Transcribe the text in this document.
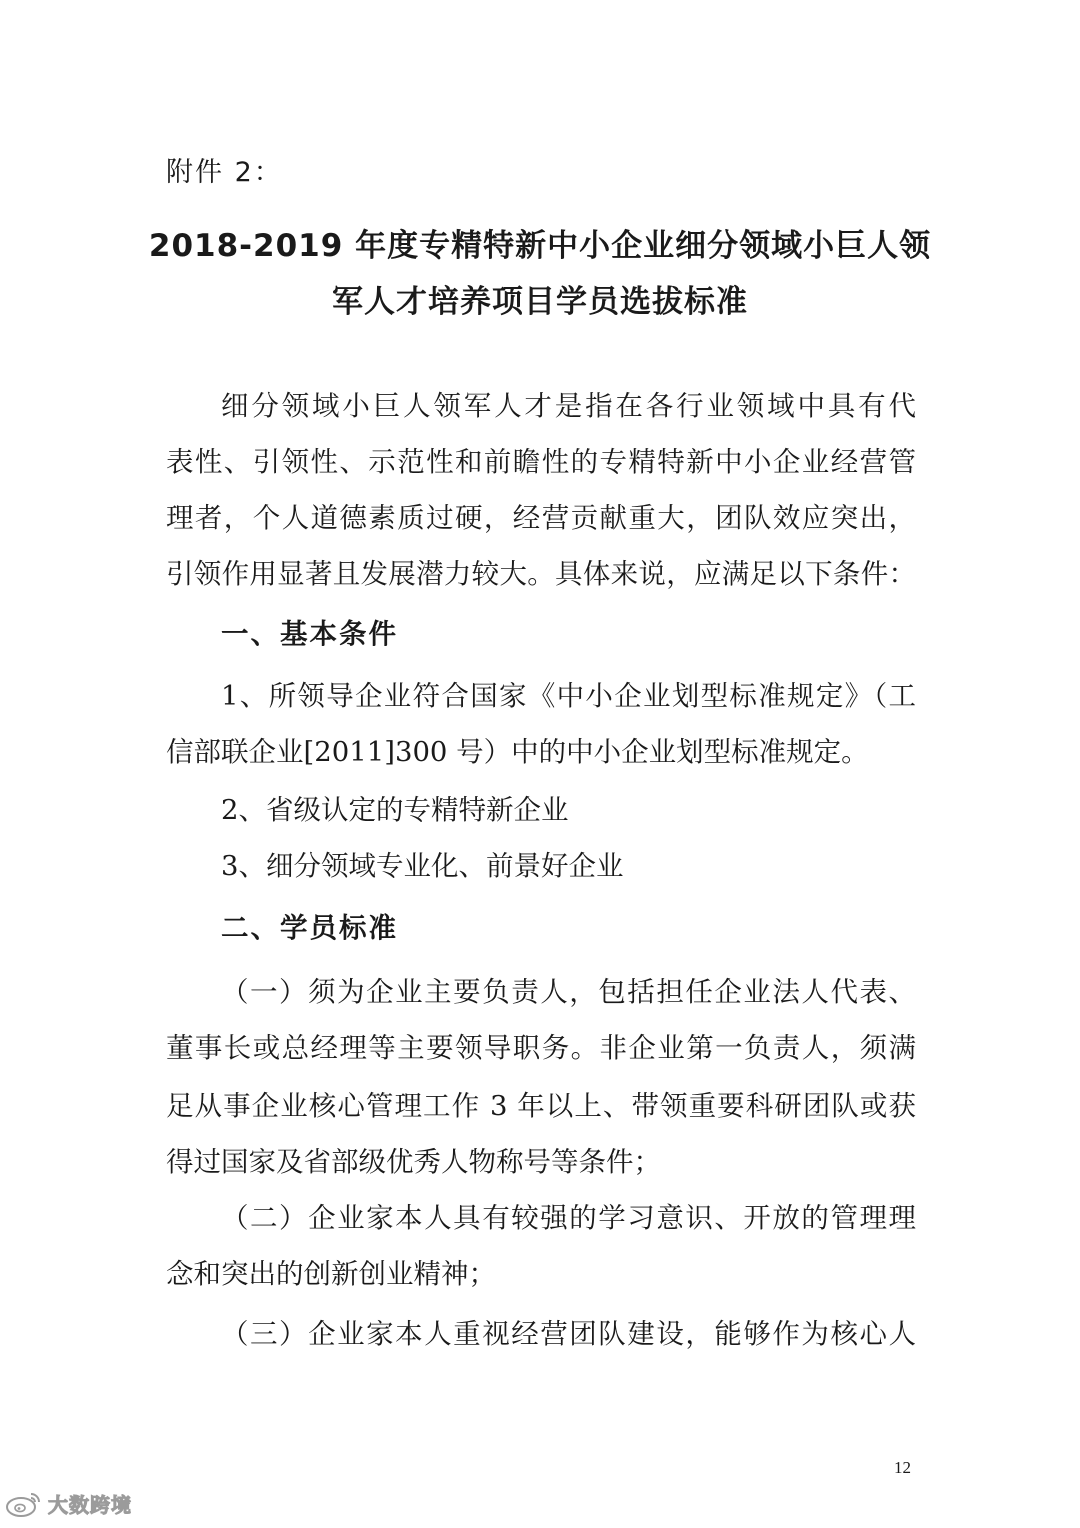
附件 2：
2018-2019 年度专精特新中小企业细分领域小巨人领
军人才培养项目学员选拔标准
细分领域小巨人领军人才是指在各行业领域中具有代
表性、引领性、示范性和前瞻性的专精特新中小企业经营管
理者，个人道德素质过硬，经营贡献重大，团队效应突出，
引领作用显著且发展潜力较大。具体来说，应满足以下条件：
一、基本条件
1、所领导企业符合国家《中小企业划型标准规定》（工
信部联企业[2011]300 号）中的中小企业划型标准规定。
2、省级认定的专精特新企业
3、细分领域专业化、前景好企业
二、学员标准
（一）须为企业主要负责人，包括担任企业法人代表、
董事长或总经理等主要领导职务。非企业第一负责人，须满
足从事企业核心管理工作 3 年以上、带领重要科研团队或获
得过国家及省部级优秀人物称号等条件；
（二）企业家本人具有较强的学习意识、开放的管理理
念和突出的创新创业精神；
（三）企业家本人重视经营团队建设，能够作为核心人
12
大数跨境
